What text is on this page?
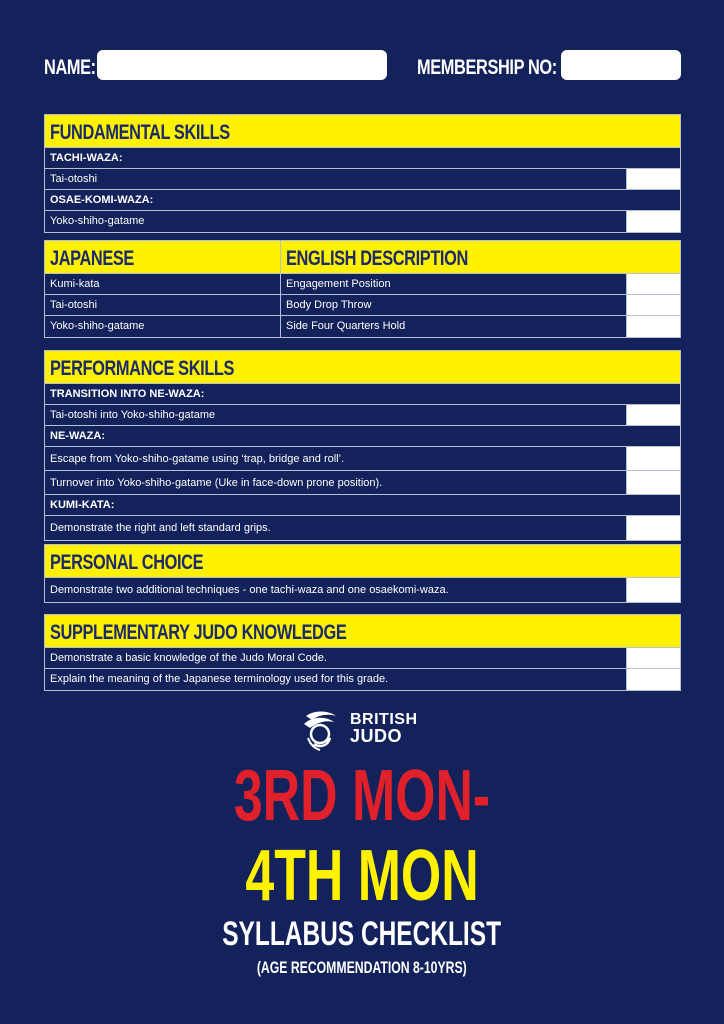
NAME:	MEMBERSHIP NO:
FUNDAMENTAL SKILLS
TACHI-WAZA:
Tai-otoshi
OSAE-KOMI-WAZA:
Yoko-shiho-gatame
JAPANESE	ENGLISH DESCRIPTION
Kumi-kata	Engagement Position
Tai-otoshi	Body Drop Throw
Yoko-shiho-gatame	Side Four Quarters Hold
PERFORMANCE SKILLS
TRANSITION INTO NE-WAZA:
Tai-otoshi into Yoko-shiho-gatame
NE-WAZA:
Escape from Yoko-shiho-gatame using ‘trap, bridge and roll’.
Turnover into Yoko-shiho-gatame (Uke in face-down prone position).
KUMI-KATA:
Demonstrate the right and left standard grips.
PERSONAL CHOICE
Demonstrate two additional techniques - one tachi-waza and one osaekomi-waza.
SUPPLEMENTARY JUDO KNOWLEDGE
Demonstrate a basic knowledge of the Judo Moral Code.
Explain the meaning of the Japanese terminology used for this grade.
BRITISH
JUDO
3RD MON-
4TH MON
SYLLABUS CHECKLIST
(AGE RECOMMENDATION 8-10YRS)
